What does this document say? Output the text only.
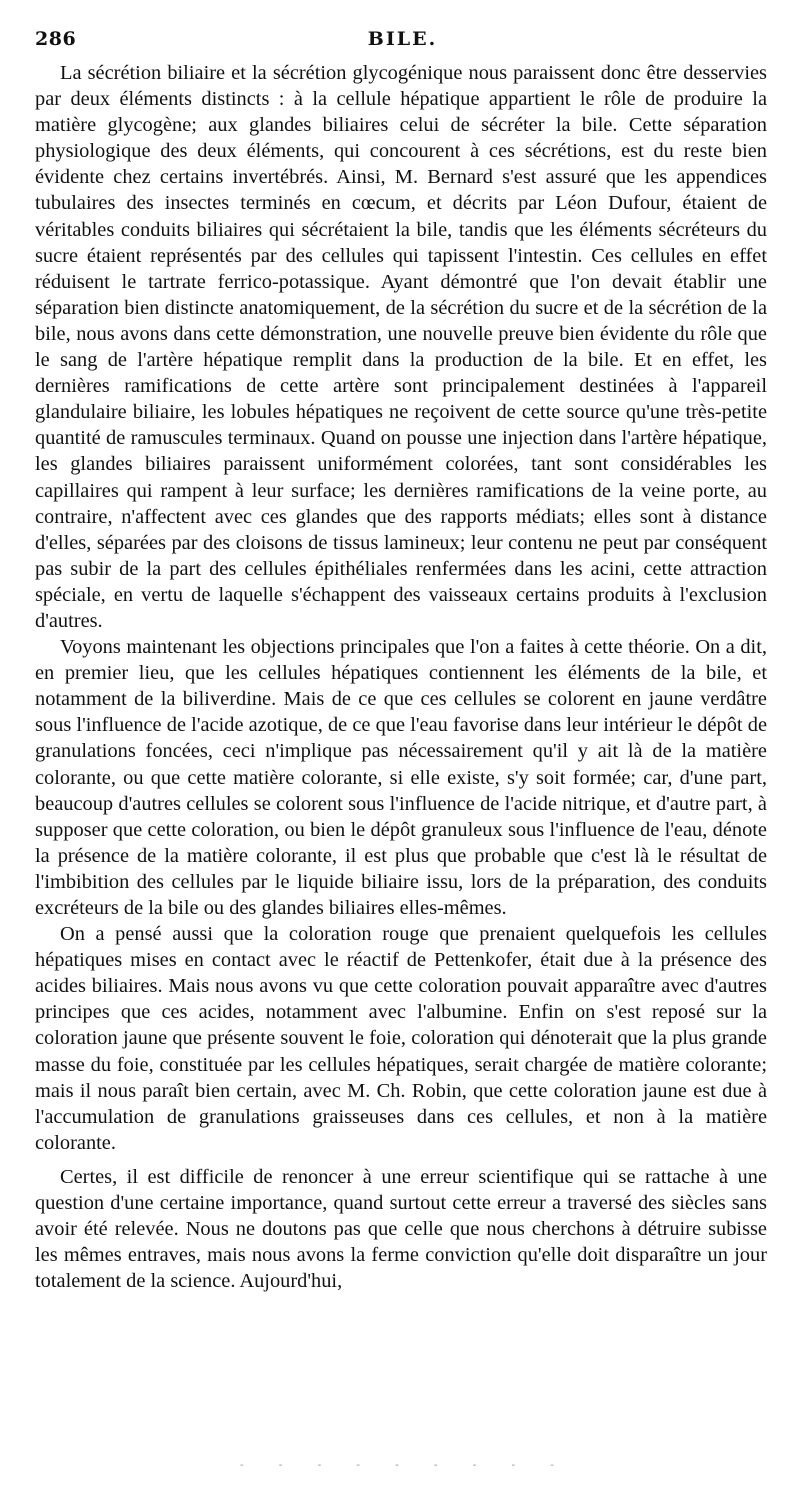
286	BILE.

La sécrétion biliaire et la sécrétion glycogénique nous paraissent donc être desservies par deux éléments distincts : à la cellule hépatique appartient le rôle de produire la matière glycogène; aux glandes biliaires celui de sécréter la bile. Cette séparation physiologique des deux éléments, qui concourent à ces sécrétions, est du reste bien évidente chez certains invertébrés. Ainsi, M. Bernard s'est assuré que les appendices tubulaires des insectes terminés en cœcum, et décrits par Léon Dufour, étaient de véritables conduits biliaires qui sécrétaient la bile, tandis que les éléments sécréteurs du sucre étaient représentés par des cellules qui tapissent l'intestin. Ces cellules en effet réduisent le tartrate ferrico-potassique. Ayant démontré que l'on devait établir une séparation bien distincte anatomiquement, de la sécrétion du sucre et de la sécrétion de la bile, nous avons dans cette démonstration, une nouvelle preuve bien évidente du rôle que le sang de l'artère hépatique remplit dans la production de la bile. Et en effet, les dernières ramifications de cette artère sont principalement destinées à l'appareil glandulaire biliaire, les lobules hépatiques ne reçoivent de cette source qu'une très-petite quantité de ramuscules terminaux. Quand on pousse une injection dans l'artère hépatique, les glandes biliaires paraissent uniformément colorées, tant sont considérables les capillaires qui rampent à leur surface; les dernières ramifications de la veine porte, au contraire, n'affectent avec ces glandes que des rapports médiats; elles sont à distance d'elles, séparées par des cloisons de tissus lamineux; leur contenu ne peut par conséquent pas subir de la part des cellules épithéliales renfermées dans les acini, cette attraction spéciale, en vertu de laquelle s'échappent des vaisseaux certains produits à l'exclusion d'autres.

Voyons maintenant les objections principales que l'on a faites à cette théorie. On a dit, en premier lieu, que les cellules hépatiques contiennent les éléments de la bile, et notamment de la biliverdine. Mais de ce que ces cellules se colorent en jaune verdâtre sous l'influence de l'acide azotique, de ce que l'eau favorise dans leur intérieur le dépôt de granulations foncées, ceci n'implique pas nécessairement qu'il y ait là de la matière colorante, ou que cette matière colorante, si elle existe, s'y soit formée; car, d'une part, beaucoup d'autres cellules se colorent sous l'influence de l'acide nitrique, et d'autre part, à supposer que cette coloration, ou bien le dépôt granuleux sous l'influence de l'eau, dénote la présence de la matière colorante, il est plus que probable que c'est là le résultat de l'imbibition des cellules par le liquide biliaire issu, lors de la préparation, des conduits excréteurs de la bile ou des glandes biliaires elles-mêmes.

On a pensé aussi que la coloration rouge que prenaient quelquefois les cellules hépatiques mises en contact avec le réactif de Pettenkofer, était due à la présence des acides biliaires. Mais nous avons vu que cette coloration pouvait apparaître avec d'autres principes que ces acides, notamment avec l'albumine. Enfin on s'est reposé sur la coloration jaune que présente souvent le foie, coloration qui dénoterait que la plus grande masse du foie, constituée par les cellules hépatiques, serait chargée de matière colorante; mais il nous paraît bien certain, avec M. Ch. Robin, que cette coloration jaune est due à l'accumulation de granulations graisseuses dans ces cellules, et non à la matière colorante.

Certes, il est difficile de renoncer à une erreur scientifique qui se rattache à une question d'une certaine importance, quand surtout cette erreur a traversé des siècles sans avoir été relevée. Nous ne doutons pas que celle que nous cherchons à détruire subisse les mêmes entraves, mais nous avons la ferme conviction qu'elle doit disparaître un jour totalement de la science. Aujourd'hui,

- - - - - - - - -
